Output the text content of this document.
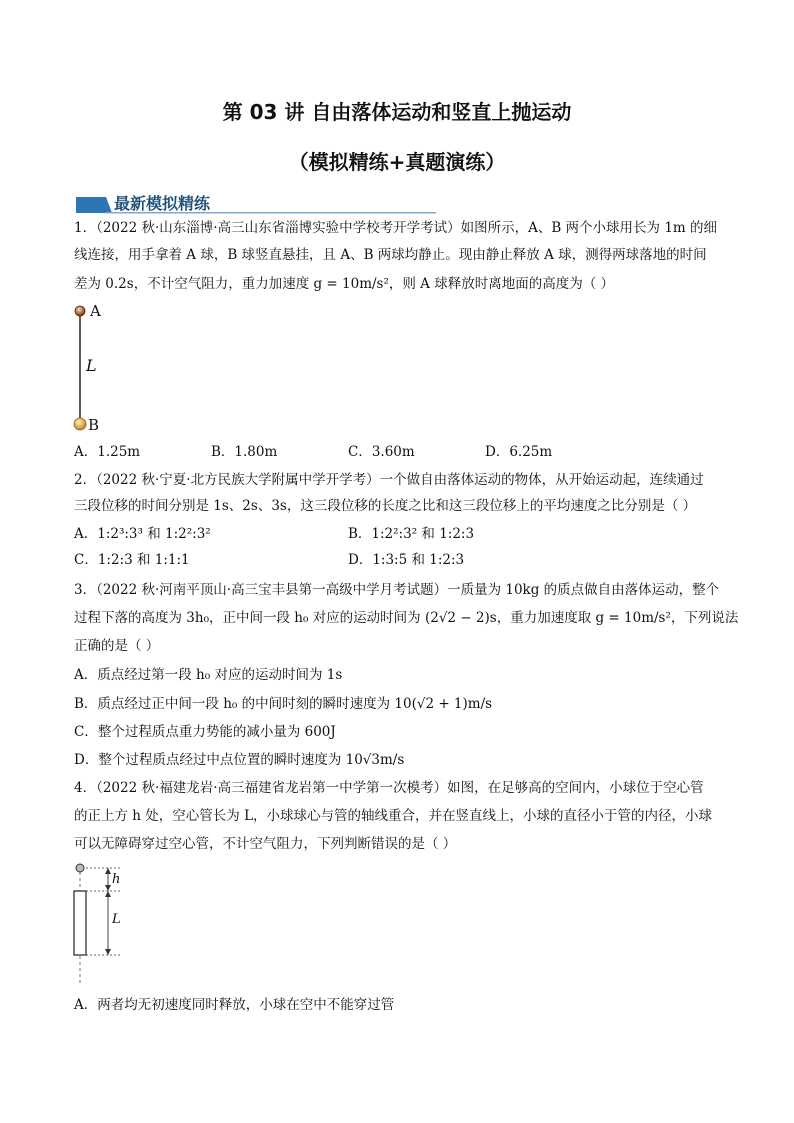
第 03 讲 自由落体运动和竖直上抛运动
（模拟精练+真题演练）
最新模拟精练
1．（2022 秋·山东淄博·高三山东省淄博实验中学校考开学考试）如图所示，A、B 两个小球用长为 1m 的细
线连接，用手拿着 A 球，B 球竖直悬挂，且 A、B 两球均静止。现由静止释放 A 球，测得两球落地的时间
差为 0.2s，不计空气阻力，重力加速度 g = 10m/s²，则 A 球释放时离地面的高度为（ ）
A
L
B
A．1.25m	B．1.80m	C．3.60m	D．6.25m
2．（2022 秋·宁夏·北方民族大学附属中学开学考）一个做自由落体运动的物体，从开始运动起，连续通过
三段位移的时间分别是 1s、2s、3s，这三段位移的长度之比和这三段位移上的平均速度之比分别是（ ）
A．1:2³:3³ 和 1:2²:3²	B．1:2²:3² 和 1:2:3
C．1:2:3 和 1:1:1	D．1:3:5 和 1:2:3
3．（2022 秋·河南平顶山·高三宝丰县第一高级中学月考试题）一质量为 10kg 的质点做自由落体运动，整个
过程下落的高度为 3h₀，正中间一段 h₀ 对应的运动时间为 (2√2 − 2)s，重力加速度取 g = 10m/s²，下列说法
正确的是（ ）
A．质点经过第一段 h₀ 对应的运动时间为 1s
B．质点经过正中间一段 h₀ 的中间时刻的瞬时速度为 10(√2 + 1)m/s
C．整个过程质点重力势能的减小量为 600J
D．整个过程质点经过中点位置的瞬时速度为 10√3m/s
4．（2022 秋·福建龙岩·高三福建省龙岩第一中学第一次模考）如图，在足够高的空间内，小球位于空心管
的正上方 h 处，空心管长为 L，小球球心与管的轴线重合，并在竖直线上，小球的直径小于管的内径，小球
可以无障碍穿过空心管，不计空气阻力，下列判断错误的是（ ）
h
L
A．两者均无初速度同时释放，小球在空中不能穿过管
